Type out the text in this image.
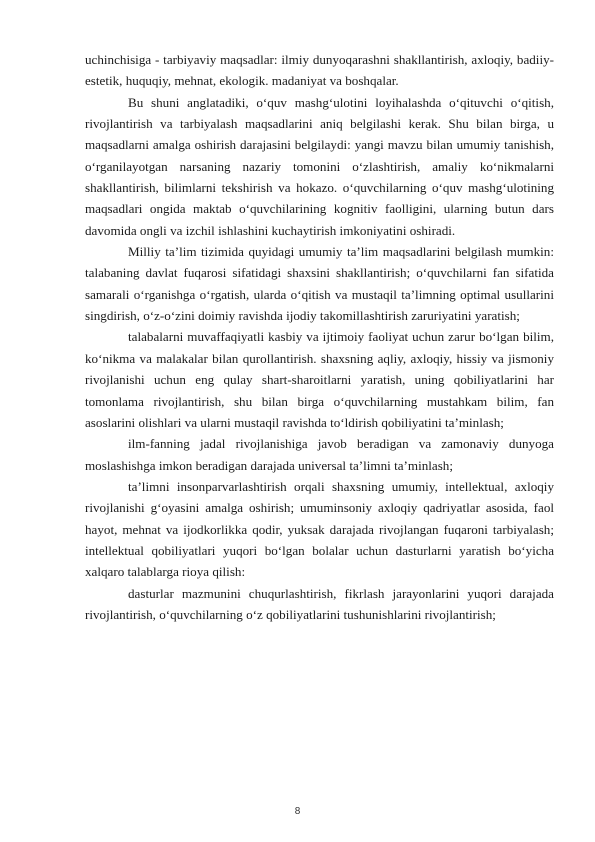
uchinchisiga - tarbiyaviy maqsadlar: ilmiy dunyoqarashni shakllantirish, axloqiy, badiiy-estetik, huquqiy, mehnat, ekologik. madaniyat va boshqalar.

Bu shuni anglatadiki, o‘quv mashg‘ulotini loyihalashda o‘qituvchi o‘qitish, rivojlantirish va tarbiyalash maqsadlarini aniq belgilashi kerak. Shu bilan birga, u maqsadlarni amalga oshirish darajasini belgilaydi: yangi mavzu bilan umumiy tanishish, o‘rganilayotgan narsaning nazariy tomonini o‘zlashtirish, amaliy ko‘nikmalarni shakllantirish, bilimlarni tekshirish va hokazo. o‘quvchilarning o‘quv mashg‘ulotining maqsadlari ongida maktab o‘quvchilarining kognitiv faolligini, ularning butun dars davomida ongli va izchil ishlashini kuchaytirish imkoniyatini oshiradi.

Milliy ta’lim tizimida quyidagi umumiy ta’lim maqsadlarini belgilash mumkin: talabaning davlat fuqarosi sifatidagi shaxsini shakllantirish; o‘quvchilarni fan sifatida samarali o‘rganishga o‘rgatish, ularda o‘qitish va mustaqil ta’limning optimal usullarini singdirish, o‘z-o‘zini doimiy ravishda ijodiy takomillashtirish zaruriyatini yaratish;

talabalarni muvaffaqiyatli kasbiy va ijtimoiy faoliyat uchun zarur bo‘lgan bilim, ko‘nikma va malakalar bilan qurollantirish. shaxsning aqliy, axloqiy, hissiy va jismoniy rivojlanishi uchun eng qulay shart-sharoitlarni yaratish, uning qobiliyatlarini har tomonlama rivojlantirish, shu bilan birga o‘quvchilarning mustahkam bilim, fan asoslarini olishlari va ularni mustaqil ravishda to‘ldirish qobiliyatini ta’minlash;

ilm-fanning jadal rivojlanishiga javob beradigan va zamonaviy dunyoga moslashishga imkon beradigan darajada universal ta’limni ta’minlash;

ta’limni insonparvarlashtirish orqali shaxsning umumiy, intellektual, axloqiy rivojlanishi g‘oyasini amalga oshirish; umuminsoniy axloqiy qadriyatlar asosida, faol hayot, mehnat va ijodkorlikka qodir, yuksak darajada rivojlangan fuqaroni tarbiyalash; intellektual qobiliyatlari yuqori bo‘lgan bolalar uchun dasturlarni yaratish bo‘yicha xalqaro talablarga rioya qilish:

dasturlar mazmunini chuqurlashtirish, fikrlash jarayonlarini yuqori darajada rivojlantirish, o‘quvchilarning o‘z qobiliyatlarini tushunishlarini rivojlantirish;

8
